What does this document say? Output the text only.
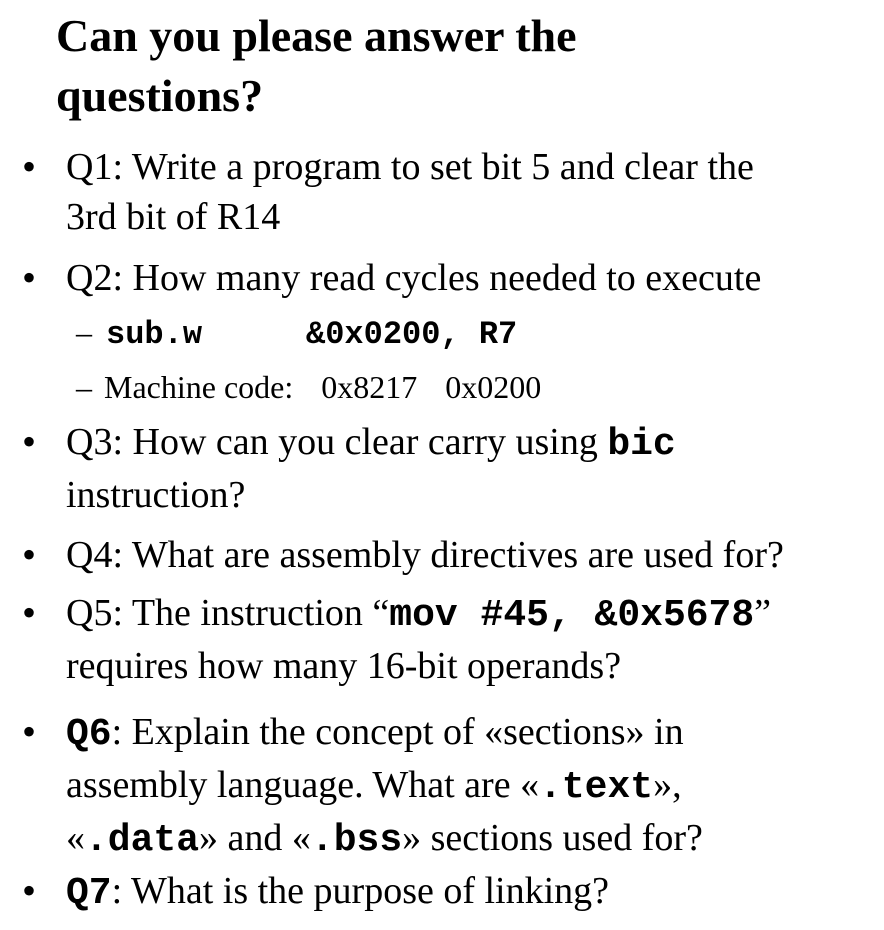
Can you please answer the
questions?
• Q1: Write a program to set bit 5 and clear the
3rd bit of R14
• Q2: How many read cycles needed to execute
– sub.w	&0x0200, R7
– Machine code: 0x8217 0x0200
• Q3: How can you clear carry using bic
instruction?
• Q4: What are assembly directives are used for?
• Q5: The instruction “mov #45, &0x5678”
requires how many 16-bit operands?
• Q6: Explain the concept of «sections» in
assembly language. What are «.text»,
«.data» and «.bss» sections used for?
• Q7: What is the purpose of linking?
